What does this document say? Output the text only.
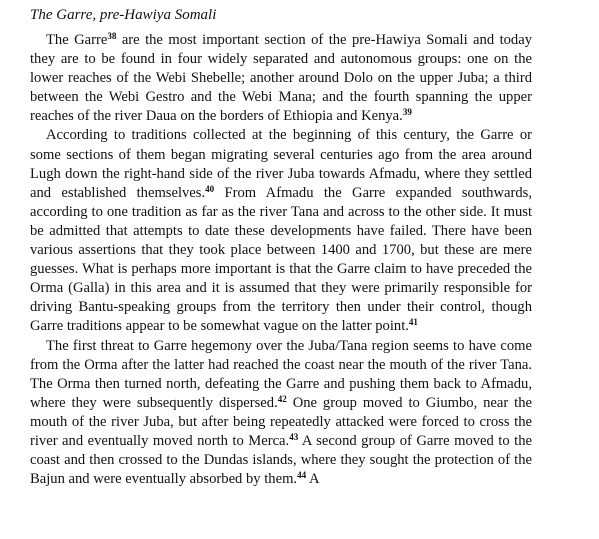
The Garre, pre-Hawiya Somali

The Garre$^{38}$ are the most important section of the pre-Hawiya Somali and today they are to be found in four widely separated and autonomous groups: one on the lower reaches of the Webi Shebelle; another around Dolo on the upper Juba; a third between the Webi Gestro and the Webi Mana; and the fourth spanning the upper reaches of the river Daua on the borders of Ethiopia and Kenya.$^{39}$

According to traditions collected at the beginning of this century, the Garre or some sections of them began migrating several centuries ago from the area around Lugh down the right-hand side of the river Juba towards Afmadu, where they settled and established themselves.$^{40}$ From Afmadu the Garre expanded southwards, according to one tradition as far as the river Tana and across to the other side. It must be admitted that attempts to date these developments have failed. There have been various assertions that they took place between 1400 and 1700, but these are mere guesses. What is perhaps more important is that the Garre claim to have preceded the Orma (Galla) in this area and it is assumed that they were primarily responsible for driving Bantu-speaking groups from the territory then under their control, though Garre traditions appear to be somewhat vague on the latter point.$^{41}$

The first threat to Garre hegemony over the Juba/Tana region seems to have come from the Orma after the latter had reached the coast near the mouth of the river Tana. The Orma then turned north, defeating the Garre and pushing them back to Afmadu, where they were subsequently dispersed.$^{42}$ One group moved to Giumbo, near the mouth of the river Juba, but after being repeatedly attacked were forced to cross the river and eventually moved north to Merca.$^{43}$ A second group of Garre moved to the coast and then crossed to the Dundas islands, where they sought the protection of the Bajun and were eventually absorbed by them.$^{44}$ A
